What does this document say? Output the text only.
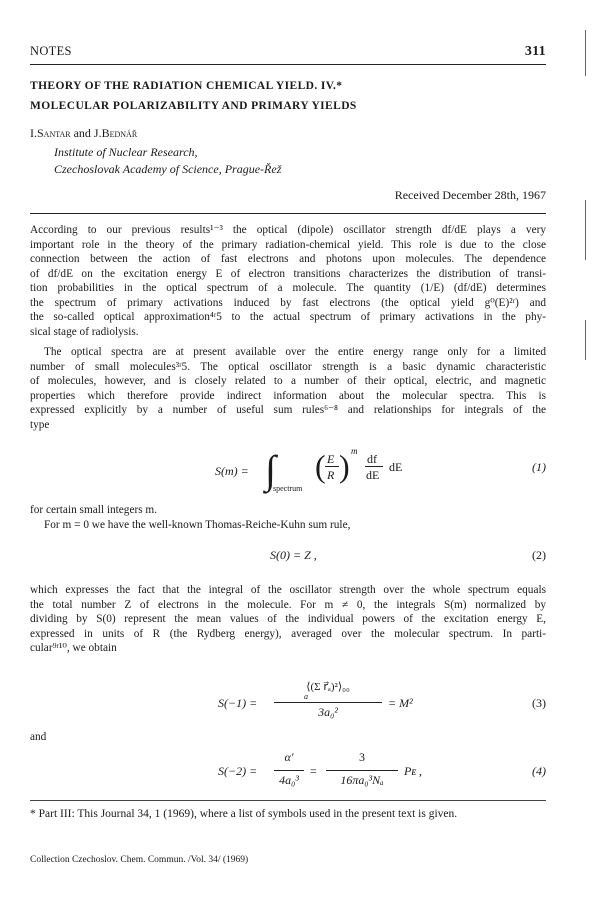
NOTES	311
THEORY OF THE RADIATION CHEMICAL YIELD. IV.*
MOLECULAR POLARIZABILITY AND PRIMARY YIELDS
I.Santar and J.Bednář
Institute of Nuclear Research,
Czechoslovak Academy of Science, Prague-Řež
Received December 28th, 1967
According to our previous results¹⁻³ the optical (dipole) oscillator strength df/dE plays a very
important role in the theory of the primary radiation-chemical yield. This role is due to the close
connection between the action of fast electrons and photons upon molecules. The dependence
of df/dE on the excitation energy E of electron transitions characterizes the distribution of transi-
tion probabilities in the optical spectrum of a molecule. The quantity (1/E) (df/dE) determines
the spectrum of primary activations induced by fast electrons (the optical yield g⁰(E)²ʳ) and
the so-called optical approximation⁴ʳ5 to the actual spectrum of primary activations in the phy-
sical stage of radiolysis.
The optical spectra are at present available over the entire energy range only for a limited
number of small molecules³ʳ5. The optical oscillator strength is a basic dynamic characteristic
of molecules, however, and is closely related to a number of their optical, electric, and magnetic
properties which therefore provide indirect information about the molecular spectra. This is
expressed explicitly by a number of useful sum rules⁶⁻⁸ and relationships for integrals of the
type
S(m) = ∫
spectrum
( E
R ) m
df
dE
dE	(1)
for certain small integers m.
For m = 0 we have the well-known Thomas-Reiche-Kuhn sum rule,
S(0) = Z ,	(2)
which expresses the fact that the integral of the oscillator strength over the whole spectrum equals
the total number Z of electrons in the molecule. For m ≠ 0, the integrals S(m) normalized by
dividing by S(0) represent the mean values of the individual powers of the excitation energy E,
expressed in units of R (the Rydberg energy), averaged over the molecular spectrum. In parti-
cular⁹ʳ¹⁰, we obtain
S(−1) =
⟨(Σ r⃗ₐ)²⟩₀₀
a
3a₀²
= M²	(3)
and
S(−2) =
α′
4a₀³
=
3
16πa₀³Nₐ
Pᴇ ,	(4)
* Part III: This Journal 34, 1 (1969), where a list of symbols used in the present text is given.
Collection Czechoslov. Chem. Commun. /Vol. 34/ (1969)
